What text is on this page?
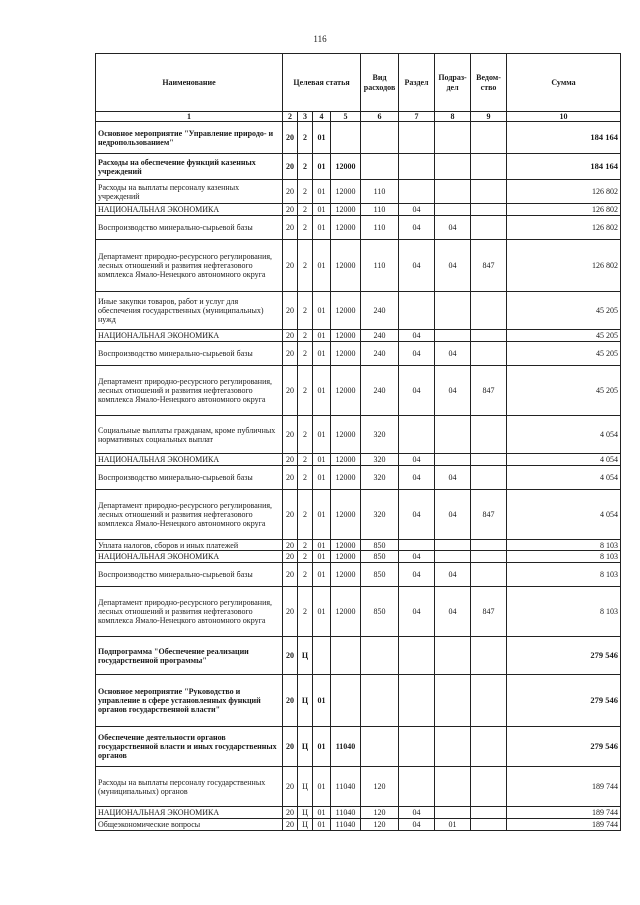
116
Наименование	Целевая статья				Вид расходов	Раздел	Подраз-дел	Ведом-ство	Сумма
1	2	3	4	5	6	7	8	9	10
Основное мероприятие "Управление природо- и недропользованием"	20	2	01						184 164
Расходы на обеспечение функций казенных учреждений	20	2	01	12000					184 164
Расходы на выплаты персоналу казенных учреждений	20	2	01	12000	110				126 802
НАЦИОНАЛЬНАЯ ЭКОНОМИКА	20	2	01	12000	110	04			126 802
Воспроизводство минерально-сырьевой базы	20	2	01	12000	110	04	04		126 802
Департамент природно-ресурсного регулирования, лесных отношений и развития нефтегазового комплекса Ямало-Ненецкого автономного округа	20	2	01	12000	110	04	04	847	126 802
Иные закупки товаров, работ и услуг для обеспечения государственных (муниципальных) нужд	20	2	01	12000	240				45 205
НАЦИОНАЛЬНАЯ ЭКОНОМИКА	20	2	01	12000	240	04			45 205
Воспроизводство минерально-сырьевой базы	20	2	01	12000	240	04	04		45 205
Департамент природно-ресурсного регулирования, лесных отношений и развития нефтегазового комплекса Ямало-Ненецкого автономного округа	20	2	01	12000	240	04	04	847	45 205
Социальные выплаты гражданам, кроме публичных нормативных социальных выплат	20	2	01	12000	320				4 054
НАЦИОНАЛЬНАЯ ЭКОНОМИКА	20	2	01	12000	320	04			4 054
Воспроизводство минерально-сырьевой базы	20	2	01	12000	320	04	04		4 054
Департамент природно-ресурсного регулирования, лесных отношений и развития нефтегазового комплекса Ямало-Ненецкого автономного округа	20	2	01	12000	320	04	04	847	4 054
Уплата налогов, сборов и иных платежей	20	2	01	12000	850				8 103
НАЦИОНАЛЬНАЯ ЭКОНОМИКА	20	2	01	12000	850	04			8 103
Воспроизводство минерально-сырьевой базы	20	2	01	12000	850	04	04		8 103
Департамент природно-ресурсного регулирования, лесных отношений и развития нефтегазового комплекса Ямало-Ненецкого автономного округа	20	2	01	12000	850	04	04	847	8 103
Подпрограмма "Обеспечение реализации государственной программы"	20	Ц							279 546
Основное мероприятие "Руководство и управление в сфере установленных функций органов государственной власти"	20	Ц	01						279 546
Обеспечение деятельности органов государственной власти и иных государственных органов	20	Ц	01	11040					279 546
Расходы на выплаты персоналу государственных (муниципальных) органов	20	Ц	01	11040	120				189 744
НАЦИОНАЛЬНАЯ ЭКОНОМИКА	20	Ц	01	11040	120	04			189 744
Общеэкономические вопросы	20	Ц	01	11040	120	04	01		189 744
